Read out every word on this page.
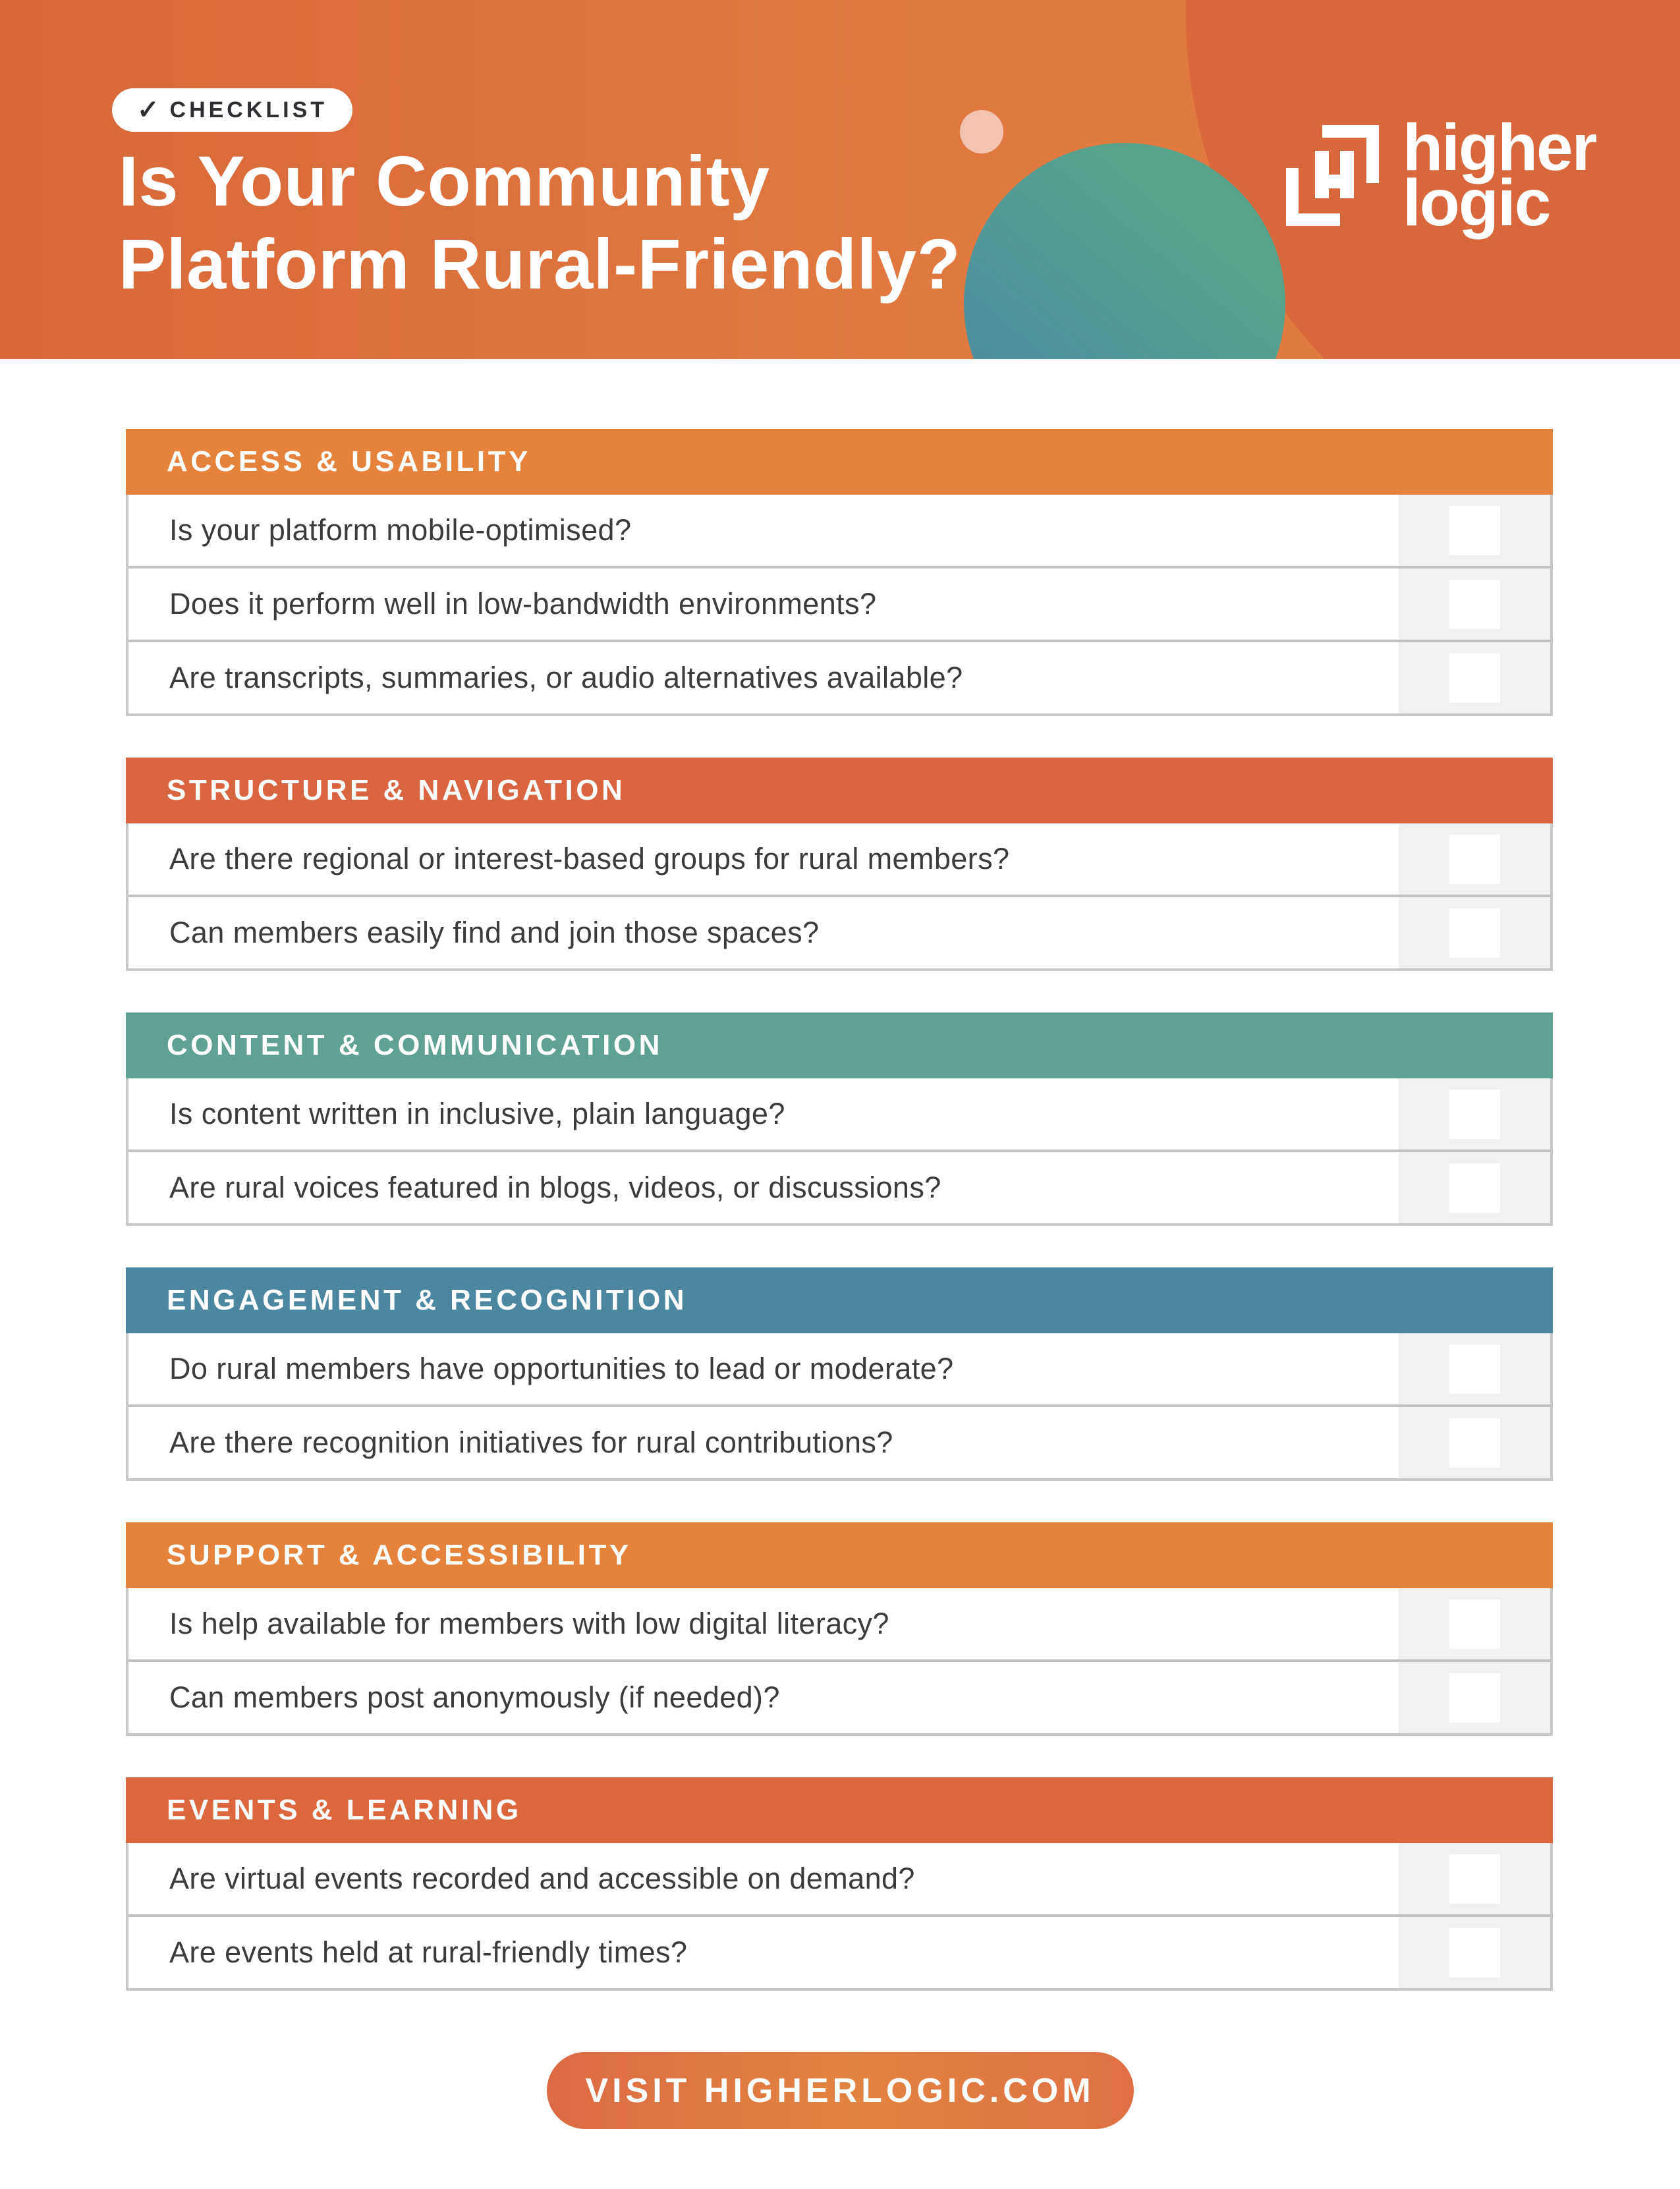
✓ CHECKLIST
Is Your Community
Platform Rural-Friendly?
higher
logic
ACCESS & USABILITY
Is your platform mobile-optimised?
Does it perform well in low-bandwidth environments?
Are transcripts, summaries, or audio alternatives available?
STRUCTURE & NAVIGATION
Are there regional or interest-based groups for rural members?
Can members easily find and join those spaces?
CONTENT & COMMUNICATION
Is content written in inclusive, plain language?
Are rural voices featured in blogs, videos, or discussions?
ENGAGEMENT & RECOGNITION
Do rural members have opportunities to lead or moderate?
Are there recognition initiatives for rural contributions?
SUPPORT & ACCESSIBILITY
Is help available for members with low digital literacy?
Can members post anonymously (if needed)?
EVENTS & LEARNING
Are virtual events recorded and accessible on demand?
Are events held at rural-friendly times?
VISIT HIGHERLOGIC.COM
